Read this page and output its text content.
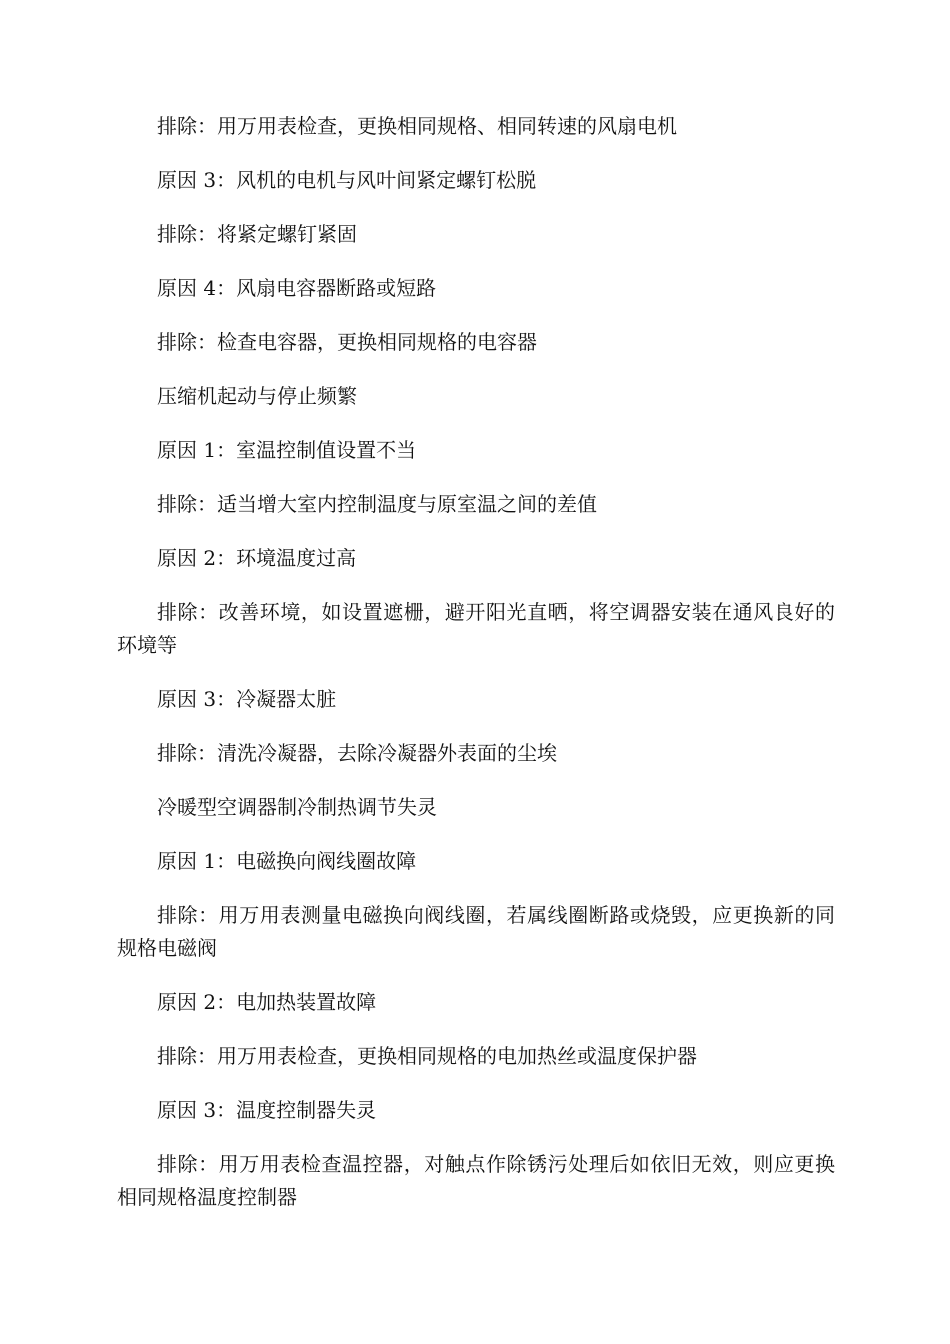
排除：用万用表检查，更换相同规格、相同转速的风扇电机

原因 3：风机的电机与风叶间紧定螺钉松脱

排除：将紧定螺钉紧固

原因 4：风扇电容器断路或短路

排除：检查电容器，更换相同规格的电容器

压缩机起动与停止频繁

原因 1：室温控制值设置不当

排除：适当增大室内控制温度与原室温之间的差值

原因 2：环境温度过高

排除：改善环境，如设置遮栅，避开阳光直晒，将空调器安装在通风良好的环境等

原因 3：冷凝器太脏

排除：清洗冷凝器，去除冷凝器外表面的尘埃

冷暖型空调器制冷制热调节失灵

原因 1：电磁换向阀线圈故障

排除：用万用表测量电磁换向阀线圈，若属线圈断路或烧毁，应更换新的同规格电磁阀

原因 2：电加热装置故障

排除：用万用表检查，更换相同规格的电加热丝或温度保护器

原因 3：温度控制器失灵

排除：用万用表检查温控器，对触点作除锈污处理后如依旧无效，则应更换相同规格温度控制器
